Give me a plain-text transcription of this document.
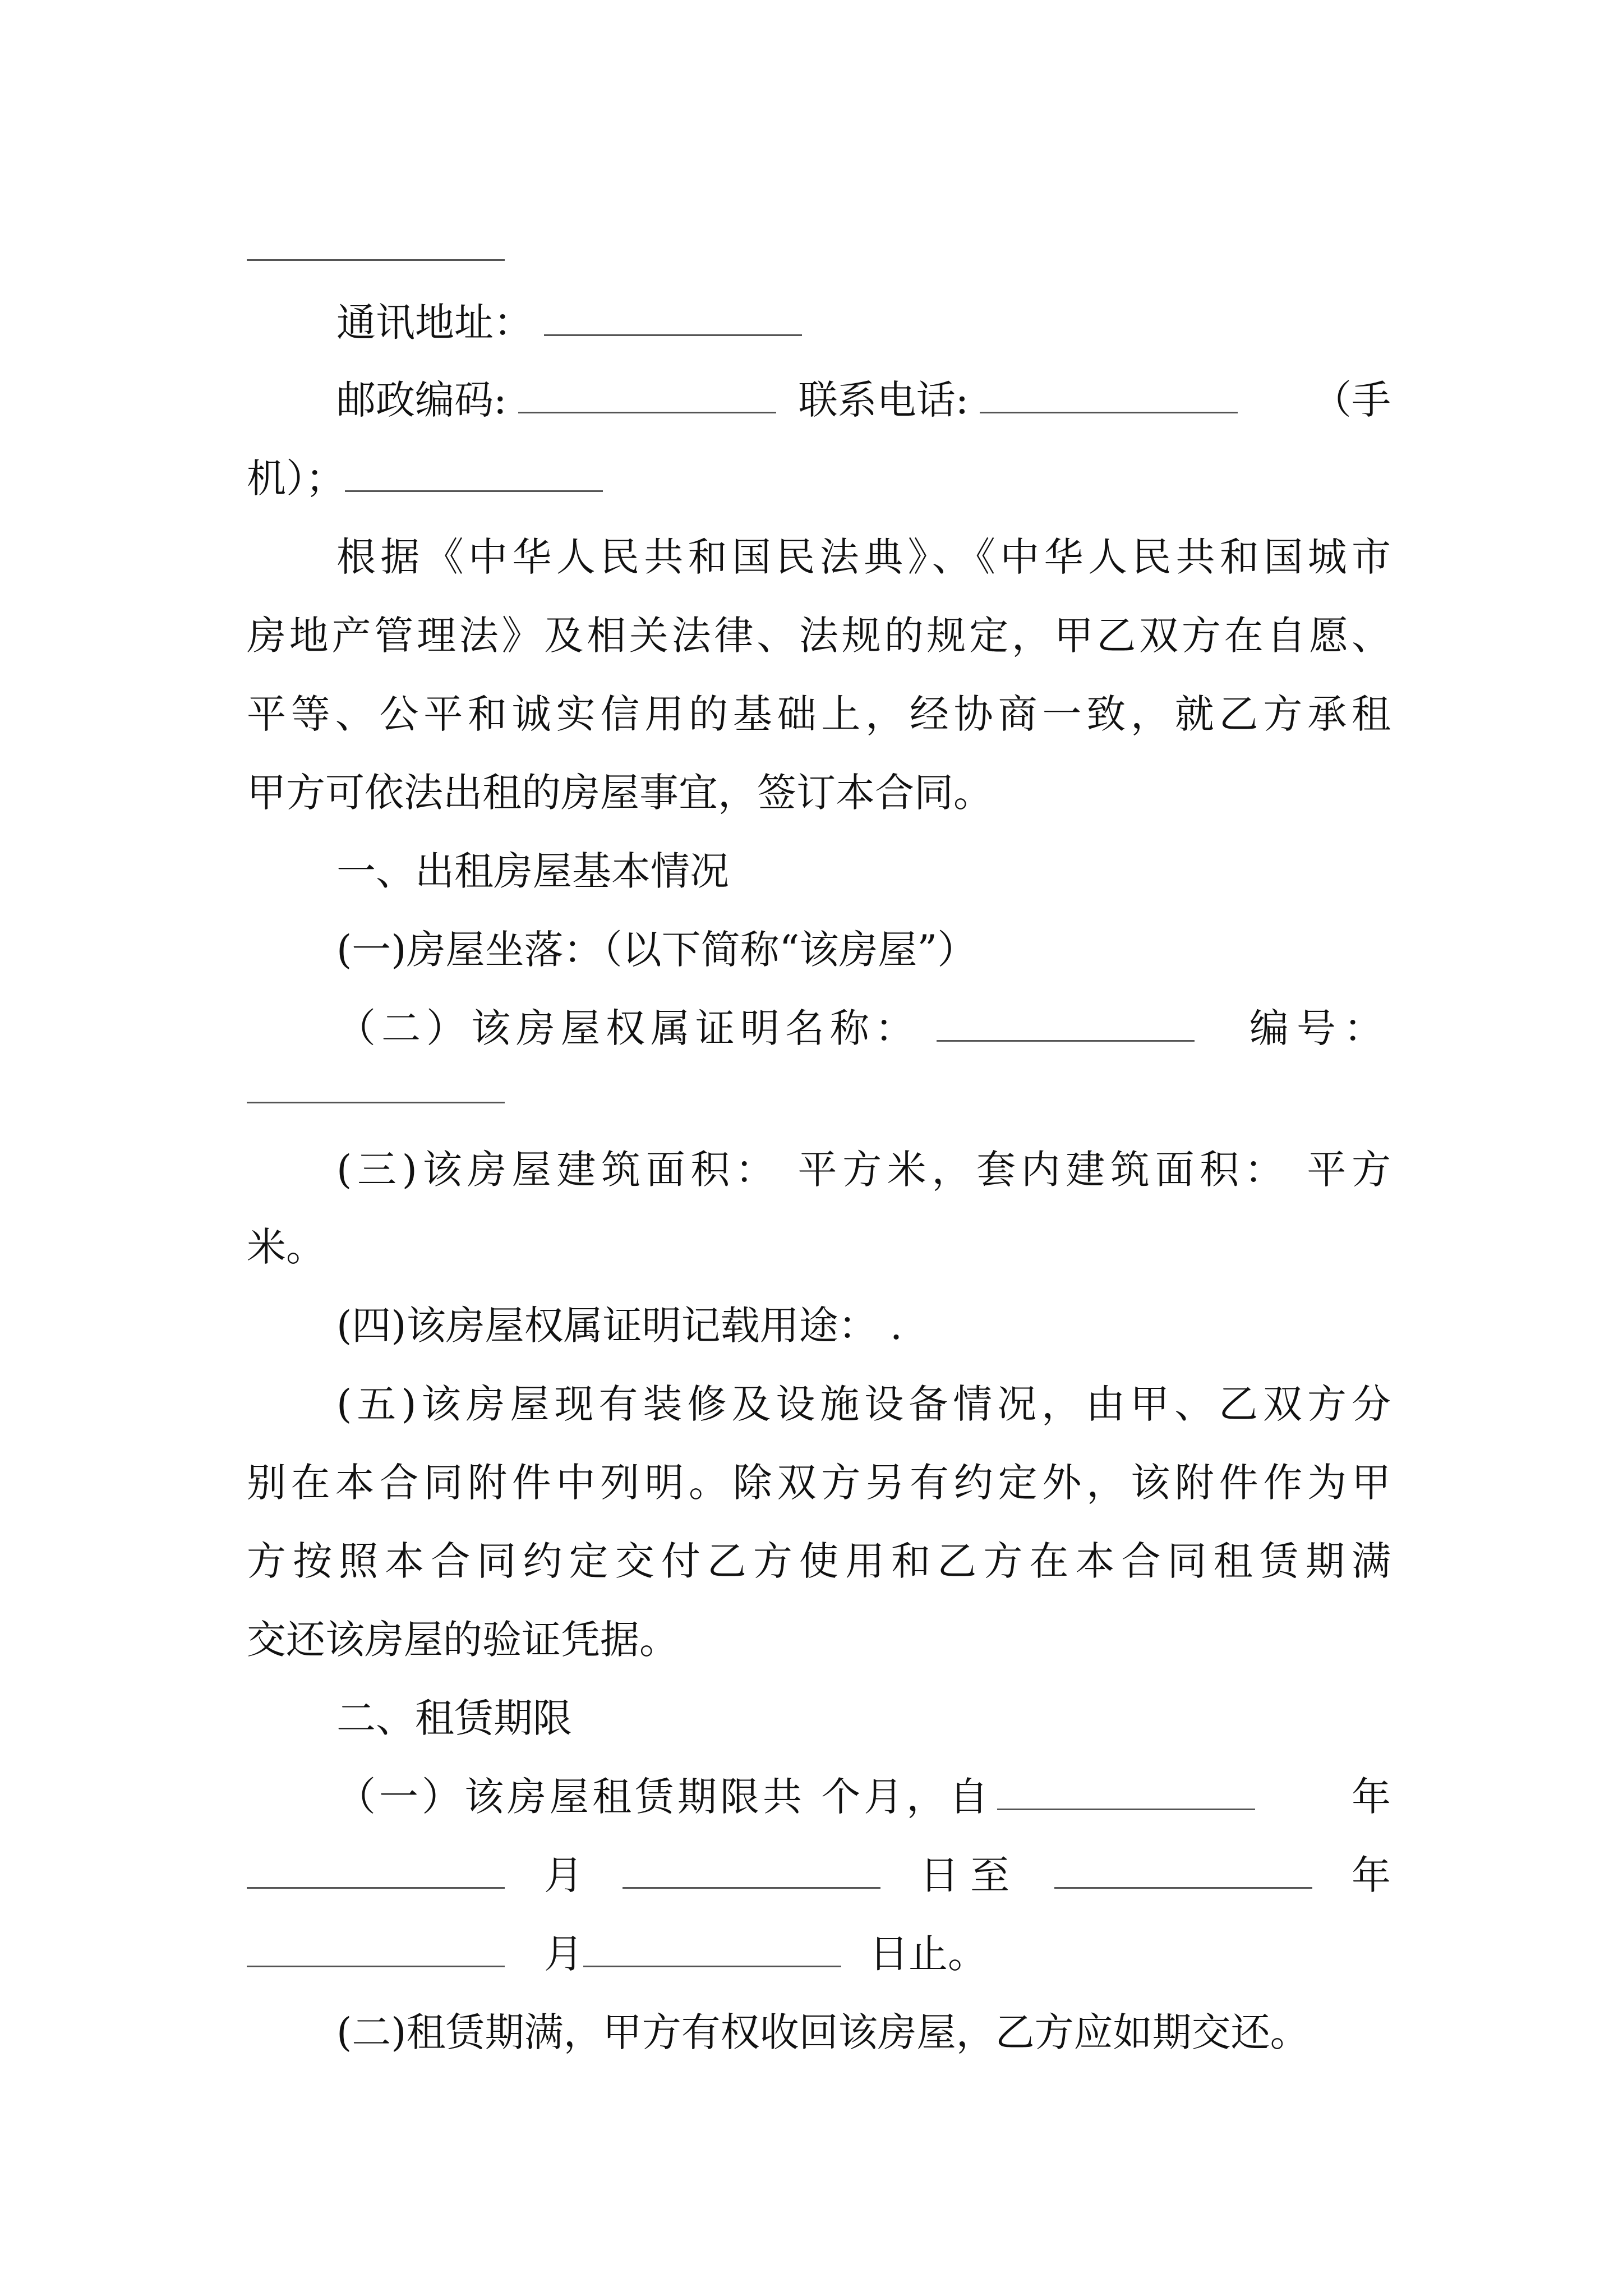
通讯地址：
邮政编码:	联系电话:	（手
机）；
根据《中华人民共和国民法典》、《中华人民共和国城市
房地产管理法》及相关法律、法规的规定，甲乙双方在自愿、
平等、公平和诚实信用的基础上，经协商一致，就乙方承租
甲方可依法出租的房屋事宜，签订本合同。
一、出租房屋基本情况
(一)房屋坐落：（以下简称“该房屋”）
（二）该房屋权属证明名称：	编号：
(三)该房屋建筑面积： 平方米，套内建筑面积： 平方
米。
(四)该房屋权属证明记载用途： .
(五)该房屋现有装修及设施设备情况，由甲、乙双方分
别在本合同附件中列明。除双方另有约定外，该附件作为甲
方按照本合同约定交付乙方使用和乙方在本合同租赁期满
交还该房屋的验证凭据。
二、租赁期限
（一）该房屋租赁期限共 个月，自	年
月	日至	年
月	日止。
(二)租赁期满，甲方有权收回该房屋，乙方应如期交还。
